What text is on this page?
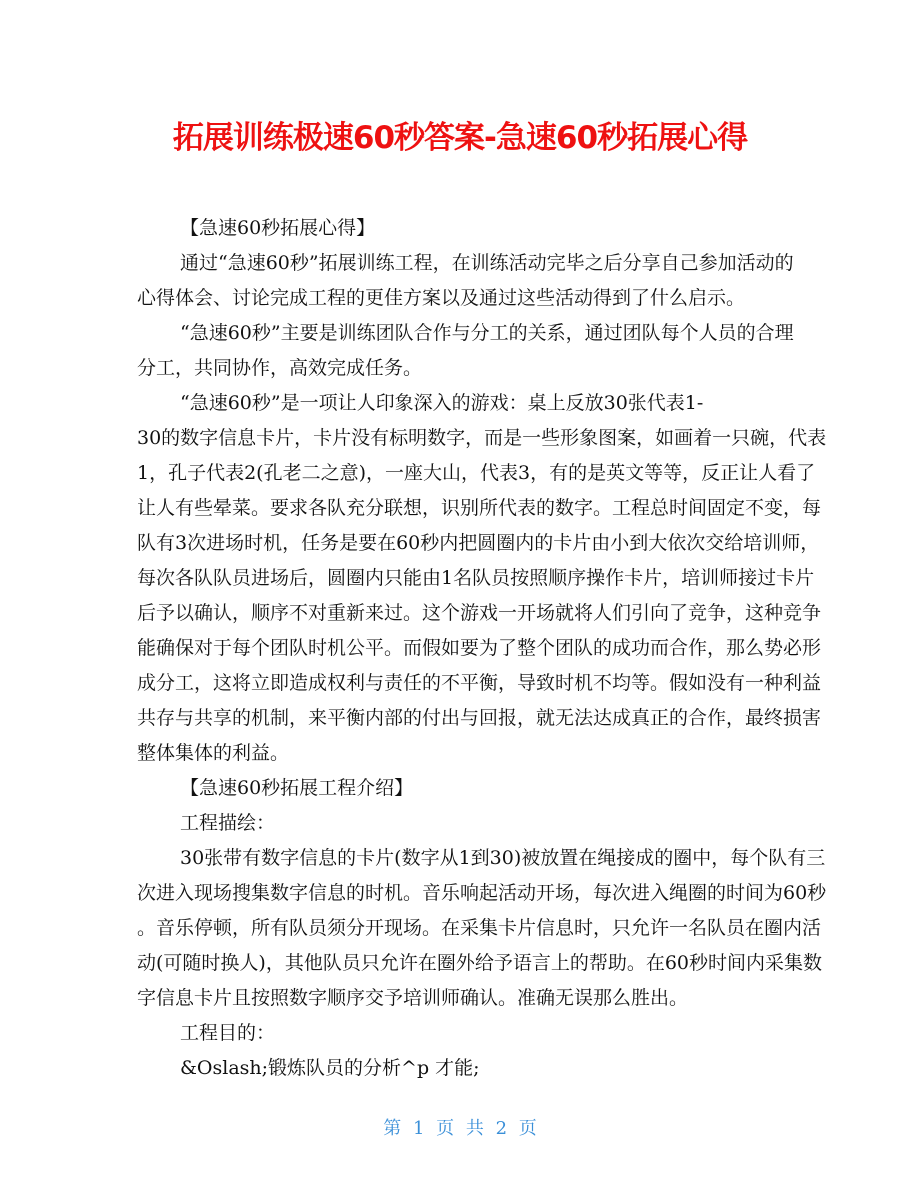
拓展训练极速60秒答案-急速60秒拓展心得
【急速60秒拓展心得】
通过“急速60秒”拓展训练工程，在训练活动完毕之后分享自己参加活动的
心得体会、讨论完成工程的更佳方案以及通过这些活动得到了什么启示。
“急速60秒”主要是训练团队合作与分工的关系，通过团队每个人员的合理
分工，共同协作，高效完成任务。
“急速60秒”是一项让人印象深入的游戏：桌上反放30张代表1-
30的数字信息卡片，卡片没有标明数字，而是一些形象图案，如画着一只碗，代表
1，孔子代表2(孔老二之意)，一座大山，代表3，有的是英文等等，反正让人看了
让人有些晕菜。要求各队充分联想，识别所代表的数字。工程总时间固定不变，每
队有3次进场时机，任务是要在60秒内把圆圈内的卡片由小到大依次交给培训师，
每次各队队员进场后，圆圈内只能由1名队员按照顺序操作卡片，培训师接过卡片
后予以确认，顺序不对重新来过。这个游戏一开场就将人们引向了竞争，这种竞争
能确保对于每个团队时机公平。而假如要为了整个团队的成功而合作，那么势必形
成分工，这将立即造成权利与责任的不平衡，导致时机不均等。假如没有一种利益
共存与共享的机制，来平衡内部的付出与回报，就无法达成真正的合作，最终损害
整体集体的利益。
【急速60秒拓展工程介绍】
工程描绘：
30张带有数字信息的卡片(数字从1到30)被放置在绳接成的圈中，每个队有三
次进入现场搜集数字信息的时机。音乐响起活动开场，每次进入绳圈的时间为60秒
。音乐停顿，所有队员须分开现场。在采集卡片信息时，只允许一名队员在圈内活
动(可随时换人)，其他队员只允许在圈外给予语言上的帮助。在60秒时间内采集数
字信息卡片且按照数字顺序交予培训师确认。准确无误那么胜出。
工程目的：
&Oslash;锻炼队员的分析^p 才能;
第 1 页 共 2 页
